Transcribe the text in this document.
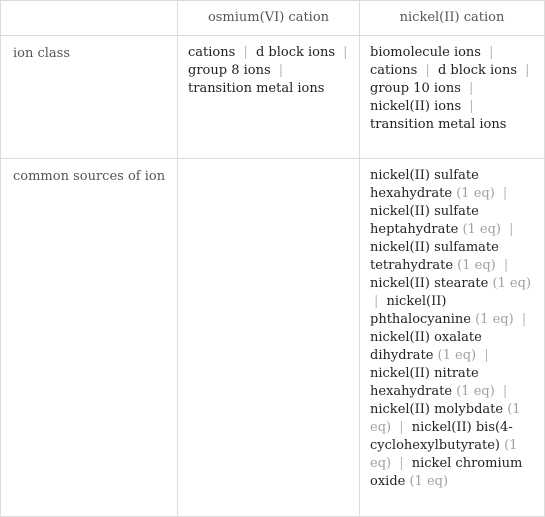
	osmium(VI) cation	nickel(II) cation
ion class	cations | d block ions | group 8 ions | transition metal ions	biomolecule ions | cations | d block ions | group 10 ions | nickel(II) ions | transition metal ions
common sources of ion		nickel(II) sulfate hexahydrate (1 eq) | nickel(II) sulfate heptahydrate (1 eq) | nickel(II) sulfamate tetrahydrate (1 eq) | nickel(II) stearate (1 eq) | nickel(II) phthalocyanine (1 eq) | nickel(II) oxalate dihydrate (1 eq) | nickel(II) nitrate hexahydrate (1 eq) | nickel(II) molybdate (1 eq) | nickel(II) bis(4-cyclohexylbutyrate) (1 eq) | nickel chromium oxide (1 eq)
